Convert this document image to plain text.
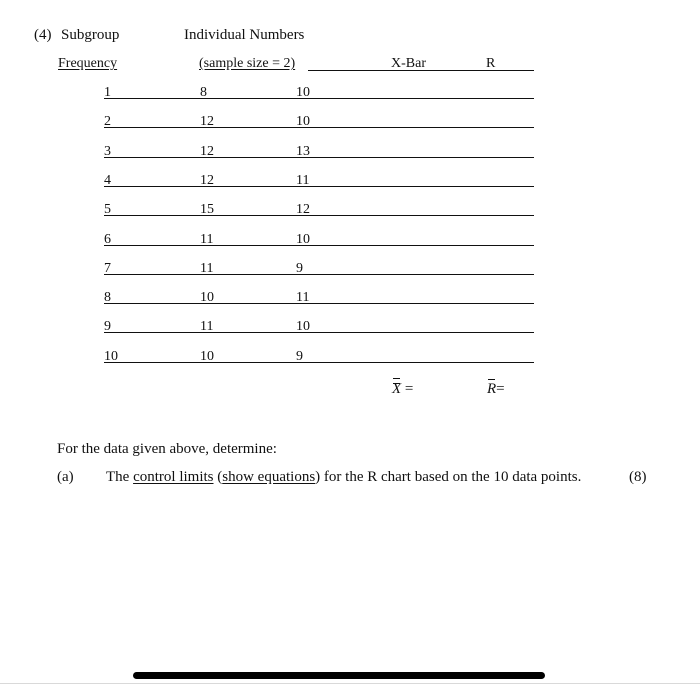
(4) Subgroup	Individual Numbers
Frequency	(sample size = 2)	X-Bar	R
1	8	10
2	12	10
3	12	13
4	12	11
5	15	12
6	11	10
7	11	9
8	10	11
9	11	10
10	10	9
X =	R=
For the data given above, determine:
(a) The control limits (show equations) for the R chart based on the 10 data points.	(8)
